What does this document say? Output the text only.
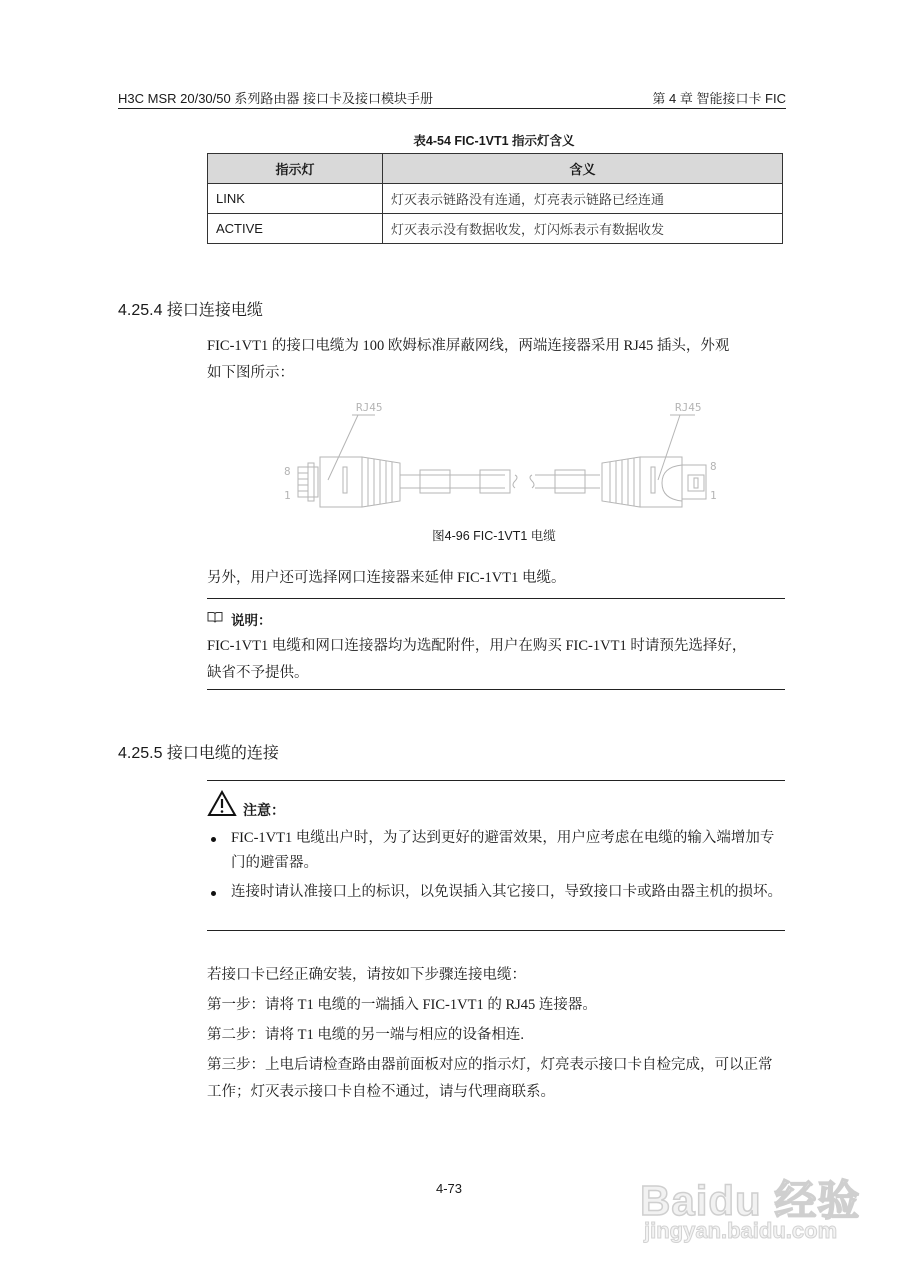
H3C MSR 20/30/50 系列路由器 接口卡及接口模块手册	第 4 章 智能接口卡 FIC
表4-54 FIC-1VT1 指示灯含义
指示灯	含义
LINK	灯灭表示链路没有连通，灯亮表示链路已经连通
ACTIVE	灯灭表示没有数据收发，灯闪烁表示有数据收发
4.25.4 接口连接电缆
FIC-1VT1 的接口电缆为 100 欧姆标准屏蔽网线，两端连接器采用 RJ45 插头，外观
如下图所示：
RJ45	RJ45
8
1
8
1
图4-96 FIC-1VT1 电缆
另外，用户还可选择网口连接器来延伸 FIC-1VT1 电缆。
说明：
FIC-1VT1 电缆和网口连接器均为选配附件，用户在购买 FIC-1VT1 时请预先选择好，
缺省不予提供。
4.25.5 接口电缆的连接
注意：
FIC-1VT1 电缆出户时，为了达到更好的避雷效果，用户应考虑在电缆的输入端增加专门的避雷器。
连接时请认准接口上的标识，以免误插入其它接口，导致接口卡或路由器主机的损坏。

若接口卡已经正确安装，请按如下步骤连接电缆：

第一步：请将 T1 电缆的一端插入 FIC-1VT1 的 RJ45 连接器。

第二步：请将 T1 电缆的另一端与相应的设备相连.

第三步：上电后请检查路由器前面板对应的指示灯，灯亮表示接口卡自检完成，可以正常工作；灯灭表示接口卡自检不通过，请与代理商联系。

4-73	Baidu 经验
jingyan.baidu.com
